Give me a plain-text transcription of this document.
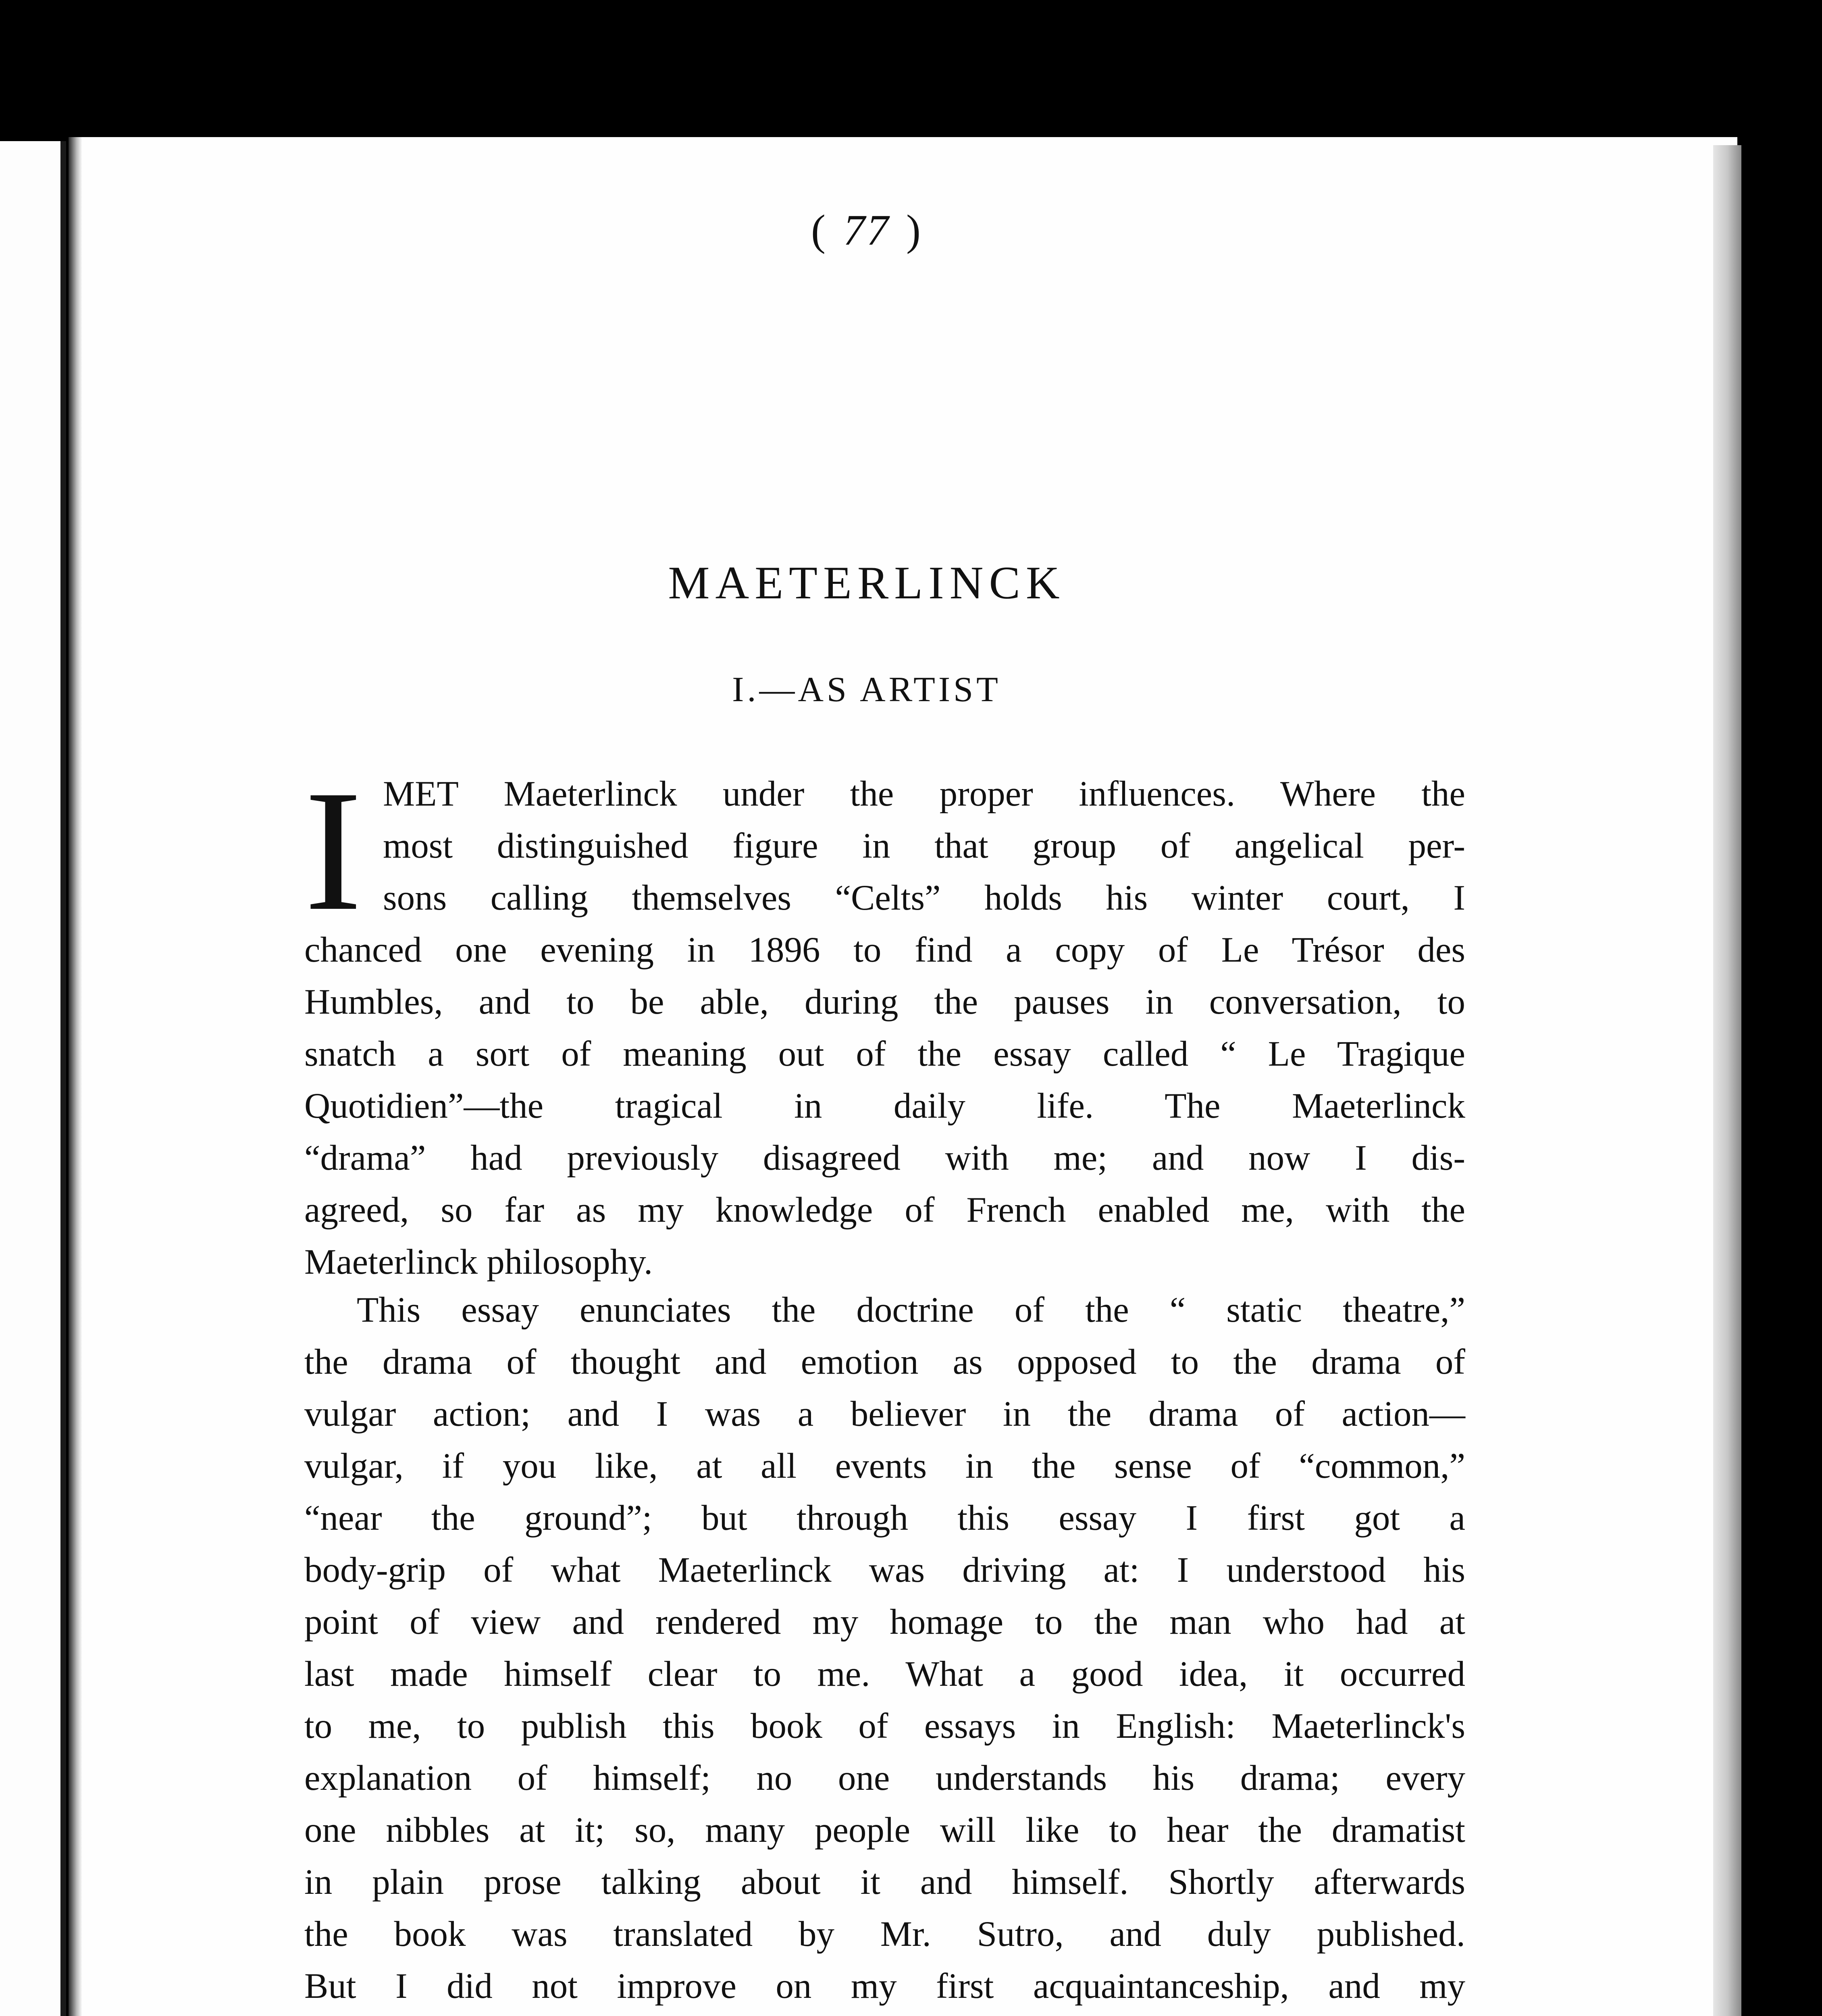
( 77 )
MAETERLINCK
I.—AS ARTIST
I MET Maeterlinck under the proper influences. Where the
most distinguished figure in that group of angelical per-
sons calling themselves “Celts” holds his winter court, I
chanced one evening in 1896 to find a copy of Le Trésor des
Humbles, and to be able, during the pauses in conversation, to
snatch a sort of meaning out of the essay called “ Le Tragique
Quotidien”—the tragical in daily life. The Maeterlinck
“drama” had previously disagreed with me; and now I dis-
agreed, so far as my knowledge of French enabled me, with the
Maeterlinck philosophy.
This essay enunciates the doctrine of the “ static theatre,”
the drama of thought and emotion as opposed to the drama of
vulgar action; and I was a believer in the drama of action—
vulgar, if you like, at all events in the sense of “common,”
“near the ground”; but through this essay I first got a
body-grip of what Maeterlinck was driving at: I understood his
point of view and rendered my homage to the man who had at
last made himself clear to me. What a good idea, it occurred
to me, to publish this book of essays in English: Maeterlinck's
explanation of himself; no one understands his drama; every
one nibbles at it; so, many people will like to hear the dramatist
in plain prose talking about it and himself. Shortly afterwards
the book was translated by Mr. Sutro, and duly published.
But I did not improve on my first acquaintanceship, and my
